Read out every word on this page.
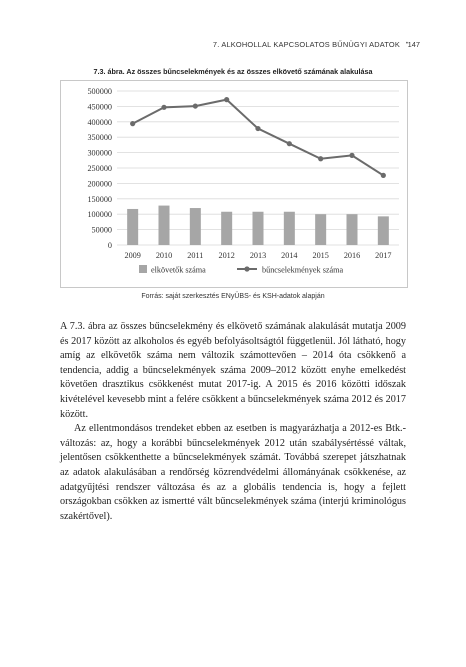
7. ALKOHOLLAL KAPCSOLATOS BŰNÜGYI ADATOK • 147
7.3. ábra. Az összes bűncselekmények és az összes elkövető számának alakulása
0
50000
100000
150000
200000
250000
300000
350000
400000
450000
500000
2009 2010 2011 2012 2013 2014 2015 2016 2017
elkövetők száma	bűncselekmények száma
Forrás: saját szerkesztés ENyÜBS- és KSH-adatok alapján

A 7.3. ábra az összes bűncselekmény és elkövető számának alakulását mutatja 2009 és 2017 között az alkoholos és egyéb befolyásoltságtól függetlenül. Jól látható, hogy amíg az elkövetők száma nem változik számottevően – 2014 óta csökkenő a tendencia, addig a bűncselekmények száma 2009–2012 között enyhe emelkedést követően drasztikus csökkenést mutat 2017-ig. A 2015 és 2016 közötti időszak kivételével kevesebb mint a felére csökkent a bűncselekmények száma 2012 és 2017 között.

Az ellentmondásos trendeket ebben az esetben is magyarázhatja a 2012-es Btk.-változás: az, hogy a korábbi bűncselekmények 2012 után szabálysértéssé váltak, jelentősen csökkenthette a bűncselekmények számát. Továbbá szerepet játszhatnak az adatok alakulásában a rendőrség közrendvédelmi állományának csökkenése, az adatgyűjtési rendszer változása és az a globális tendencia is, hogy a fejlett országokban csökken az ismertté vált bűncselekmények száma (interjú kriminológus szakértővel).
